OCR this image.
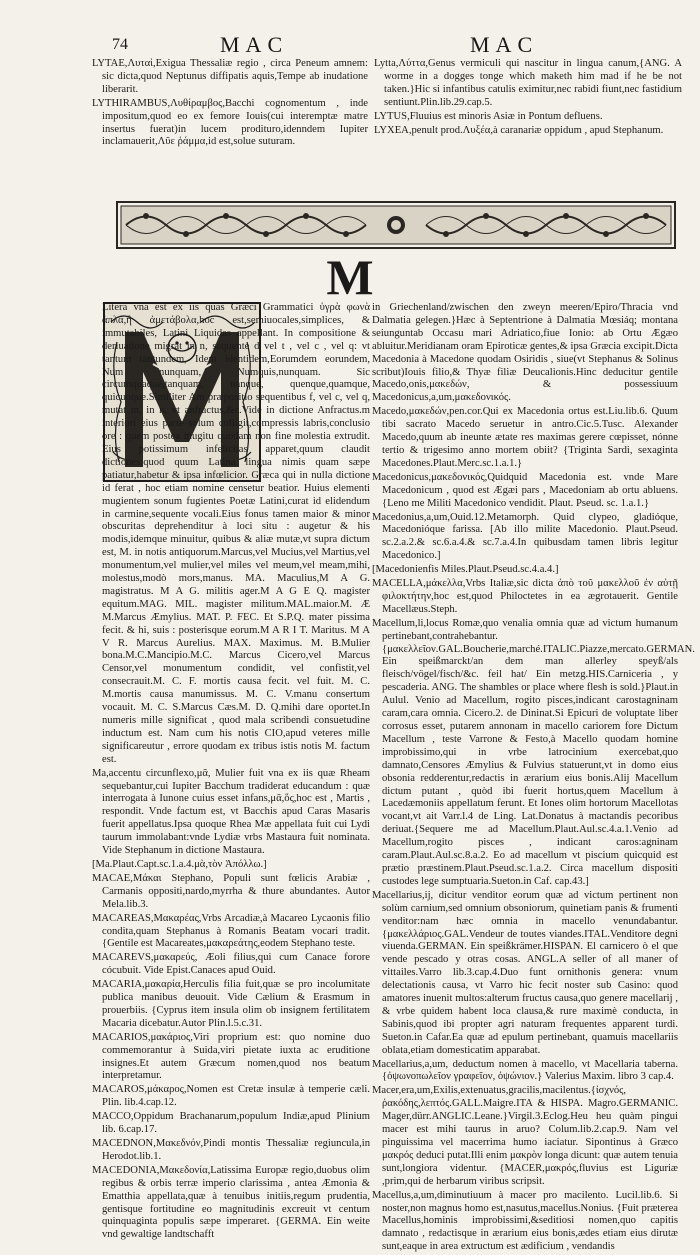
74	MAC	MAC

LYTAE,Λυταὶ,Exigua Thessaliæ regio , circa Peneum amnem: sic dicta,quod Neptunus diffipatis aquis,Tempe ab inudatione liberarit.

LYTHIRAMBUS,Λυθίραμβος,Bacchi cognomentum , inde impositum,quod eo ex femore Iouis(cui interemptæ matre insertus fuerat)in lucem prodituro,idenndem Iupiter inclamauerit,Λῦε ῥάμμα,id est,solue suturam.

Lytta,Λύττα,Genus vermiculi qui nascitur in lingua canum,{ANG. A worme in a dogges tonge which maketh him mad if he be not taken.}Hic si infantibus catulis eximitur,nec rabidi fiunt,nec fastidium sentiunt.Plin.lib.29.cap.5.

LYTUS,Fluuius est minoris Asiæ in Pontum defluens.

LYXEA,penult prod.Λυξέα,à caranariæ oppidum , apud Stephanum.

M

Litera vna est ex iis quas Græci Grammatici ὑγρὰ φωνὰ ἀπλᾶ,ἢ ἀμετάβολα,hoc est,semiuocales,simplices, & immutabiles, Latini Liquidas appellant. In compositione & deriuatione migrat in n, sequente d vel t , vel c , vel q: vt tantum tantundem, Idem identidem,Eorumdem eorundem, Num nunquam, Numquis,nunquam. Sic circumquaque,tanquam, nanque, quenque,quamque, quicunque.Similiter Am præpositio sequentibus f, vel c, vel q, mutat m, in n, vt anfractus,&c.Vide in dictione Anfractus.m interiori eius parte solum colligit,compressis labris,conclusio ore : quem postea mugitu quodam non fine molestia extrudit. Eius potissimum infelicitas apparet,quum claudit dictiones:quod quum Latina lingua nimis quam sæpe patiatur,habetur & ipsa infœlicior. Græca qui in nulla dictione id ferat , hoc etiam nomine censetur beatior. Huius elementi mugientem sonum fugientes Poetæ Latini,curat id elidendum in carmine,sequente vocali.Eius fonus tamen maior & minor obscuritas deprehenditur à loci situ : augetur & his modis,idemque minuitur, quibus & aliæ mutæ,vt supra dictum est, M. in notis antiquorum.Marcus,vel Mucius,vel Martius,vel monumentum,vel mulier,vel miles vel meum,vel meam,mihi, molestus,modò mors,manus. MA. Maculius,M A G. magistratus. M A G. militis ager.M A G E Q. magister equitum.MAG. MIL. magister militum.MAL.maior.M. Æ M.Marcus Æmylius. MAT. P. FEC. Et S.P.Q. mater pissima fecit. & hi, suis : posterisque eorum.M A R I T. Maritus. M A V R. Marcus Aurelius. MAX. Maximus. M. B.Mulier bona.M.C.Mancipio.M.C. Marcus Cicero,vel Marcus Censor,vel monumentum condidit, vel confistit,vel consecrauit.M. C. F. mortis causa fecit. vel fuit. M. C. M.mortis causa manumissus. M. C. V.manu consertum vocauit. M. C. S.Marcus Cæs.M. D. Q.mihi dare oportet.In numeris mille significat , quod mala scribendi consuetudine inductum est. Nam cum his notis CIO,apud veteres mille significareutur , errore quodam ex tribus istis notis M. factum est.

Ma,accentu circunflexo,μᾶ, Mulier fuit vna ex iis quæ Rheam sequebantur,cui Iupiter Bacchum tradiderat educandum : quæ interrogata à Iunone cuius esset infans,μᾶ,ὅς,hoc est , Martis , respondit. Vnde factum est, vt Bacchis apud Caras Masaris fuerit appellatus.Ipsa quoque Rhea Mæ appellata fuit cui Lydi taurum immolabant:vnde Lydiæ vrbs Mastaura fuit nominata. Vide Stephanum in dictione Mastaura.

[Ma.Plaut.Capt.sc.1.a.4.μὰ,τὸν Ἀπόλλω.]

MACAE,Μάκαι Stephano, Populi sunt fœlicis Arabiæ , Carmanis oppositi,nardo,myrrha & thure abundantes. Autor Mela.lib.3.

MACAREAS,Μακαρέας,Vrbs Arcadiæ,à Macareo Lycaonis filio condita,quam Stephanus à Romanis Beatam vocari tradit. {Gentile est Macareates,μακαρεάτης,eodem Stephano teste.

MACAREVS,μακαρεύς, Æoli filius,qui cum Canace forore cócubuit. Vide Epist.Canaces apud Ouid.

MACARIA,μακαρία,Herculis filia fuit,quæ se pro incolumitate publica manibus deuouit. Vide Cælium & Erasmum in prouerbiis. {Cyprus item insula olim ob insignem fertilitatem Macaria dicebatur.Autor Plin.l.5.c.31.

MACARIOS,μακάριος,Viri proprium est: quo nomine duo commemorantur à Suida,viri pietate iuxta ac eruditione insignes.Et autem Græcum nomen,quod nos beatum interpretamur.

MACAROS,μάκαρος,Nomen est Cretæ insulæ à temperie cæli. Plin. lib.4.cap.12.

MACCO,Oppidum Brachanarum,populum Indiæ,apud Plinium lib. 6.cap.17.

MACEDNON,Μακεδνόν,Pindi montis Thessaliæ regiuncula,in Herodot.lib.1.

MACEDONIA,Μακεδονία,Latissima Europæ regio,duobus olim regibus & orbis terræ imperio clarissima , antea Æmonia & Ematthia appellata,quæ à tenuibus initiis,regum prudentia, gentisque fortitudine eo magnitudinis excreuit vt centum quinquaginta populis sæpe imperaret. {GERMA. Ein weite vnd gewaltige landtschafft

in Griechenland/zwischen den zweyn meeren/Epiro/Thracia vnd Dalmatia gelegen.}Hæc à Septentrione à Dalmatia Mœsiáq; montana seiunguntab Occasu mari Adriatico,fiue Ionio: ab Ortu Ægæo abluitur.Meridianam oram Epiroticæ gentes,& ipsa Græcia excipit.Dicta Macedonia à Macedone quodam Osiridis , siue(vt Stephanus & Solinus scribut)Iouis filio,& Thyæ filiæ Deucalionis.Hinc deducitur gentile Macedo,onis,μακεδών, & possessiuum Macedonicus,a,um,μακεδονικός.

Macedo,μακεδών,pen.cor.Qui ex Macedonia ortus est.Liu.lib.6. Quum tibi sacrato Macedo seruetur in antro.Cic.5.Tusc. Alexander Macedo,quum ab ineunte ætate res maximas gerere cœpisset, nónne tertio & trigesimo anno mortem obiit? {Triginta Sardi, sexaginta Macedones.Plaut.Merc.sc.1.a.1.}

Macedonicus,μακεδονικός,Quidquid Macedonia est. vnde Mare Macedonicum , quod est Ægæi pars , Macedoniam ab ortu abluens.{Leno me Militi Macedonico vendidit. Plaut. Pseud. sc. 1.a.1.}

Macedonius,a,um,Ouid.12.Metamorph. Quid clypeo, gladióque, Macedonióque farissa. [Ab illo milite Macedonio. Plaut.Pseud. sc.2.a.2.& sc.6.a.4.& sc.7.a.4.In quibusdam tamen libris legitur Macedonico.]

[Macedonienfis Miles.Plaut.Pseud.sc.4.a.4.]

MACELLA,μάκελλα,Vrbs Italiæ,sic dicta ἀπὸ τοῦ μακελλοῦ ἐν αὐτῇ φιλοκτήτην,hoc est,quod Philoctetes in ea ægrotauerit. Gentile Macellæus.Steph.

Macellum,li,locus Romæ,quo venalia omnia quæ ad victum humanum pertinebant,contrahebantur.{μακελλεῖον.GAL.Boucherie,marché.ITALIC.Piazze,mercato.GERMAN. Ein speißmarckt/an dem man allerley speyß/als fleisch/vögel/fisch/&c. feil hat/ Ein metzg.HIS.Carniceria , y pescaderia. ANG. The shambles or place where flesh is sold.}Plaut.in Aulul. Venio ad Macellum, rogito pisces,indicant carostagninam caram,cara omnia. Cicero.2. de Dininat.Si Epicuri de voluptate liber corrosus esset, putarem annonam in macello cariorem fore Dictum Macellum , teste Varrone & Festo,à Macello quodam homine improbissimo,qui in vrbe latrocinium exercebat,quo damnato,Censores Æmylius & Fulvius statuerunt,vt in domo eius obsonia redderentur,redactis in ærarium eius bonis.Alij Macellum dictum putant , quòd ibi fuerit hortus,quem Macellum à Lacedæmoniis appellatum ferunt. Et Iones olim hortorum Macellotas vocant,vt ait Varr.l.4 de Ling. Lat.Donatus à mactandis pecoribus deriuat.{Sequere me ad Macellum.Plaut.Aul.sc.4.a.1.Venio ad Macellum,rogito pisces , indicant caros:agninam caram.Plaut.Aul.sc.8.a.2. Eo ad macellum vt piscium quicquid est prætio præstinem.Plaut.Pseud.sc.1.a.2. Circa macellum dispositi custodes lege sumptuaria.Sueton.in Caf. cap.43.]

Macellarius,ij, dicitur venditor eorum quæ ad victum pertinent non solùm carnium,sed omnium obsoniorum, quinetiam panis & frumenti venditor:nam hæc omnia in macello venundabantur. {μακελλάριος.GAL.Vendeur de toutes viandes.ITAL.Venditore degni viuenda.GERMAN. Ein speißkrämer.HISPAN. El carnicero ò el que vende pescado y otras cosas. ANGL.A seller of all maner of vittailes.Varro lib.3.cap.4.Duo funt ornithonis genera: vnum delectationis causa, vt Varro hic fecit noster sub Casino: quod amatores inuenit multos:alterum fructus causa,quo genere macellarij , & vrbe quidem habent loca clausa,& rure maximè conducta, in Sabinis,quod ibi propter agri naturam frequentes apparent turdi. Sueton.in Cafar.Ea quæ ad epulum pertinebant, quamuis macellariis oblata,etiam domesticatim apparabat.

Macellarius,a,um, deductum nomen à macello, vt Macellaria taberna. {ὀψωνοπωλεῖον γραφεῖον, ὀψώνιον.} Valerius Maxim. libro 3 cap.4.

Macer,era,um,Exilis,extenuatus,gracilis,macilentus.{ἰσχνός, ῥακόδης,λεπτός.GALL.Maigre.ITA & HISPA. Magro.GERMANIC. Mager,dürr.ANGLIC.Leane.}Virgil.3.Eclog.Heu heu quàm pingui macer est mihi taurus in aruo? Colum.lib.2.cap.9. Nam vel pinguissima vel macerrima humo iaciatur. Sipontinus à Græco μακρός deduci putat.Illi enim μακρὸν longa dicunt: quæ autem tenuia sunt,longiora videntur. {MACER,μακρός,fluvius est Liguriæ ,prim,qui de herbarum viribus scripsit.

Macellus,a,um,diminutiuum à macer pro macilento. Lucil.lib.6. Si noster,non magnus homo est,nasutus,macellus.Nonius. {Fuit præterea Macellus,hominis improbissimi,&seditiosi nomen,quo capitis damnato , redactisque in ærarium eius bonis,ædes etiam eius dirutæ sunt,eaque in area extructum est ædificium , vendandis
